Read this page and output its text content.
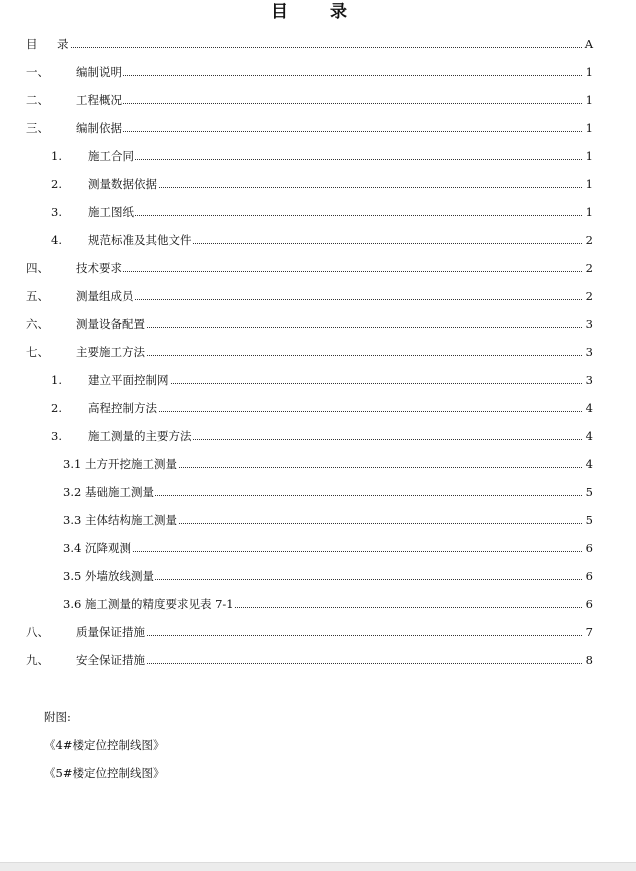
目 录
目 录	A
一、 编制说明	1
二、 工程概况	1
三、 编制依据	1
1. 施工合同	1
2. 测量数据依据	1
3. 施工图纸	1
4. 规范标准及其他文件	2
四、 技术要求	2
五、 测量组成员	2
六、 测量设备配置	3
七、 主要施工方法	3
1. 建立平面控制网	3
2. 高程控制方法	4
3. 施工测量的主要方法	4
3.1 土方开挖施工测量	4
3.2 基础施工测量	5
3.3 主体结构施工测量	5
3.4 沉降观测	6
3.5 外墙放线测量	6
3.6 施工测量的精度要求见表 7-1	6
八、 质量保证措施	7
九、 安全保证措施	8
附图:
《4#楼定位控制线图》
《5#楼定位控制线图》
